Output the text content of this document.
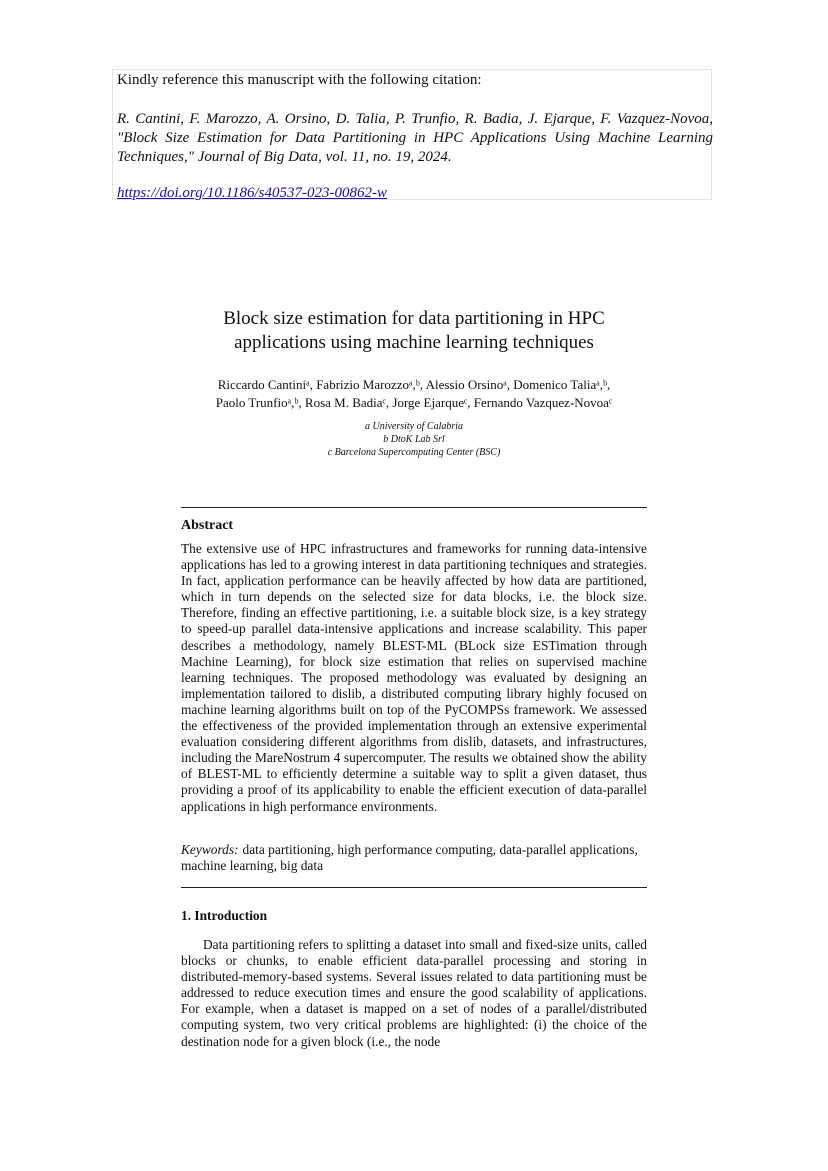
Kindly reference this manuscript with the following citation:
R. Cantini, F. Marozzo, A. Orsino, D. Talia, P. Trunfio, R. Badia, J. Ejarque, F. Vazquez-Novoa, "Block Size Estimation for Data Partitioning in HPC Applications Using Machine Learning Techniques," Journal of Big Data, vol. 11, no. 19, 2024.
https://doi.org/10.1186/s40537-023-00862-w
Block size estimation for data partitioning in HPC
applications using machine learning techniques
Riccardo Cantiniᵃ, Fabrizio Marozzoᵃ,ᵇ, Alessio Orsinoᵃ, Domenico Taliaᵃ,ᵇ,
Paolo Trunfioᵃ,ᵇ, Rosa M. Badiaᶜ, Jorge Ejarqueᶜ, Fernando Vazquez-Novoaᶜ
a University of Calabria
b DtoK Lab Srl
c Barcelona Supercomputing Center (BSC)
Abstract
The extensive use of HPC infrastructures and frameworks for running data-intensive applications has led to a growing interest in data partitioning techniques and strategies. In fact, application performance can be heavily affected by how data are partitioned, which in turn depends on the selected size for data blocks, i.e. the block size. Therefore, finding an effective partitioning, i.e. a suitable block size, is a key strategy to speed-up parallel data-intensive applications and increase scalability. This paper describes a methodology, namely BLEST-ML (BLock size ESTimation through Machine Learning), for block size estimation that relies on supervised machine learning techniques. The proposed methodology was evaluated by designing an implementation tailored to dislib, a distributed computing library highly focused on machine learning algorithms built on top of the PyCOMPSs framework. We assessed the effectiveness of the provided implementation through an extensive experimental evaluation considering different algorithms from dislib, datasets, and infrastructures, including the MareNostrum 4 supercomputer. The results we obtained show the ability of BLEST-ML to efficiently determine a suitable way to split a given dataset, thus providing a proof of its applicability to enable the efficient execution of data-parallel applications in high performance environments.
Keywords: data partitioning, high performance computing, data-parallel applications, machine learning, big data
1. Introduction
Data partitioning refers to splitting a dataset into small and fixed-size units, called blocks or chunks, to enable efficient data-parallel processing and storing in distributed-memory-based systems. Several issues related to data partitioning must be addressed to reduce execution times and ensure the good scalability of applications. For example, when a dataset is mapped on a set of nodes of a parallel/distributed computing system, two very critical problems are highlighted: (i) the choice of the destination node for a given block (i.e., the node
